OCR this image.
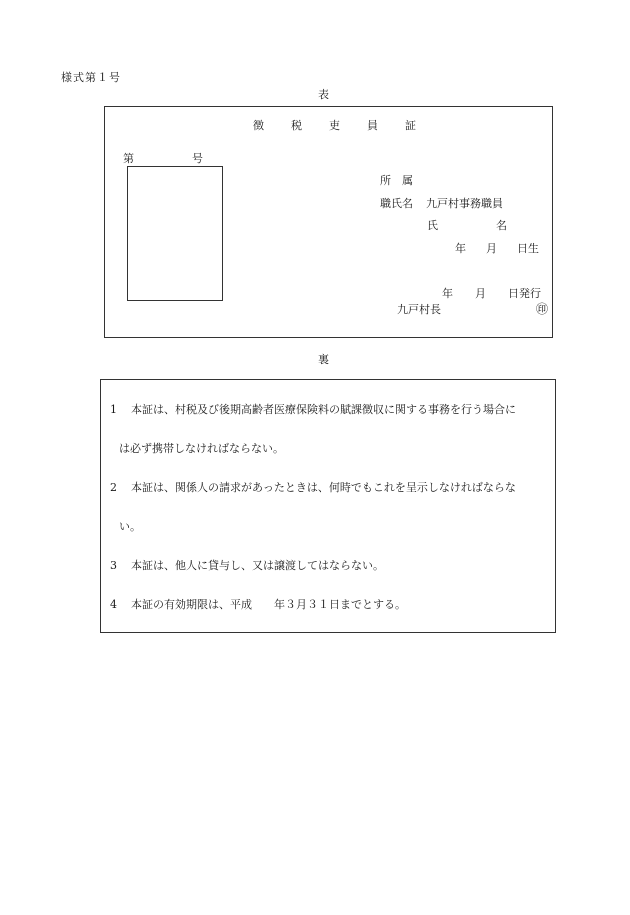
様式第１号
表
徴 税 吏 員 証
第	号
所　属
職氏名 九戸村事務職員
氏	名
年 月 日生
年 月 日発行
九戸村長	㊞
裏
1 本証は、村税及び後期高齢者医療保険料の賦課徴収に関する事務を行う場合に
は必ず携帯しなければならない。
2 本証は、関係人の請求があったときは、何時でもこれを呈示しなければならな
い。
3 本証は、他人に貸与し、又は譲渡してはならない。
4 本証の有効期限は、平成　　年３月３１日までとする。
